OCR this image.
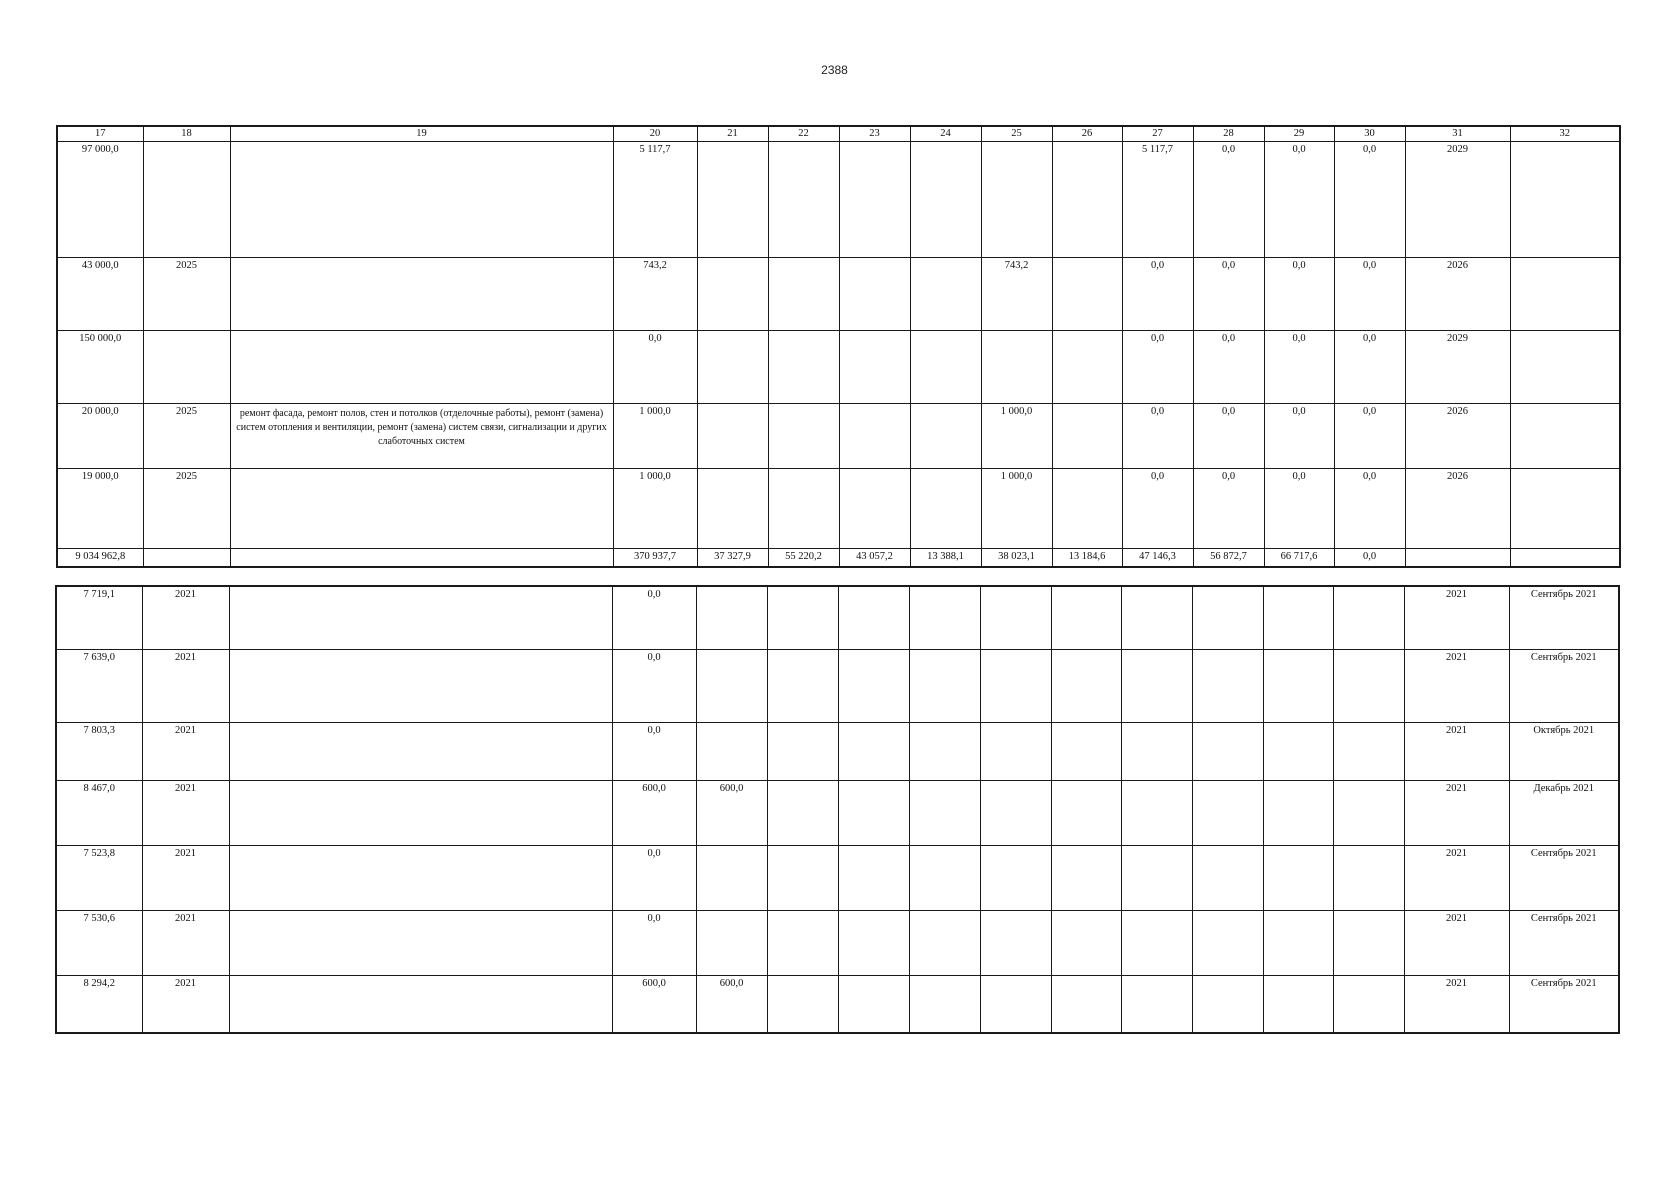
2388
17	18	19	20	21	22	23	24	25	26	27	28	29	30	31	32
97 000,0			5 117,7							5 117,7	0,0	0,0	0,0	2029	
43 000,0	2025		743,2					743,2		0,0	0,0	0,0	0,0	2026	
150 000,0			0,0							0,0	0,0	0,0	0,0	2029	
20 000,0	2025	ремонт фасада, ремонт полов, стен и потолков (отделочные работы), ремонт (замена) систем отопления и вентиляции, ремонт (замена) систем связи, сигнализации и других слаботочных систем	1 000,0					1 000,0		0,0	0,0	0,0	0,0	2026	
19 000,0	2025		1 000,0					1 000,0		0,0	0,0	0,0	0,0	2026	
9 034 962,8			370 937,7	37 327,9	55 220,2	43 057,2	13 388,1	38 023,1	13 184,6	47 146,3	56 872,7	66 717,6	0,0		
7 719,1	2021		0,0											2021	Сентябрь 2021
7 639,0	2021		0,0											2021	Сентябрь 2021
7 803,3	2021		0,0											2021	Октябрь 2021
8 467,0	2021		600,0	600,0										2021	Декабрь 2021
7 523,8	2021		0,0											2021	Сентябрь 2021
7 530,6	2021		0,0											2021	Сентябрь 2021
8 294,2	2021		600,0	600,0										2021	Сентябрь 2021
